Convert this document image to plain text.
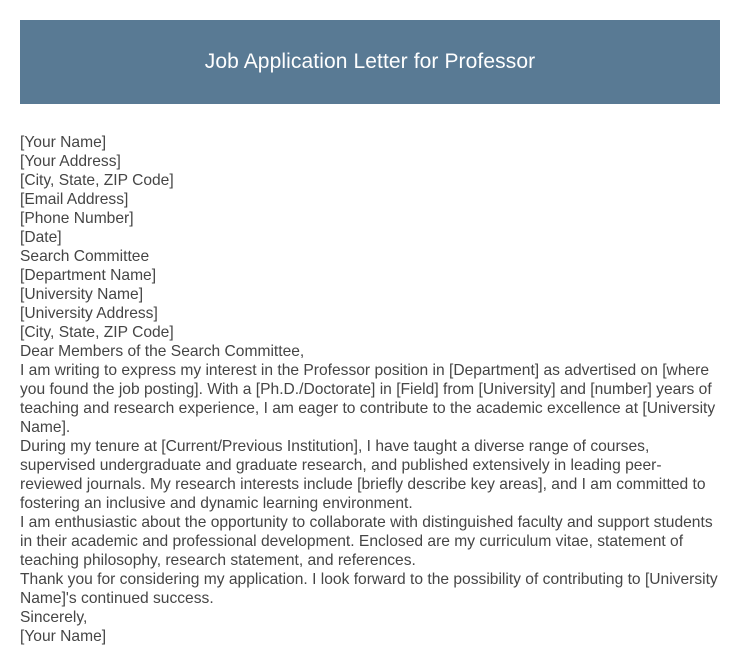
Job Application Letter for Professor
[Your Name]
[Your Address]
[City, State, ZIP Code]
[Email Address]
[Phone Number]
[Date]
Search Committee
[Department Name]
[University Name]
[University Address]
[City, State, ZIP Code]
Dear Members of the Search Committee,

I am writing to express my interest in the Professor position in [Department] as advertised on [where you found the job posting]. With a [Ph.D./Doctorate] in [Field] from [University] and [number] years of teaching and research experience, I am eager to contribute to the academic excellence at [University Name].

During my tenure at [Current/Previous Institution], I have taught a diverse range of courses, supervised undergraduate and graduate research, and published extensively in leading peer-reviewed journals. My research interests include [briefly describe key areas], and I am committed to fostering an inclusive and dynamic learning environment.

I am enthusiastic about the opportunity to collaborate with distinguished faculty and support students in their academic and professional development. Enclosed are my curriculum vitae, statement of teaching philosophy, research statement, and references.

Thank you for considering my application. I look forward to the possibility of contributing to [University Name]'s continued success.

Sincerely,
[Your Name]
